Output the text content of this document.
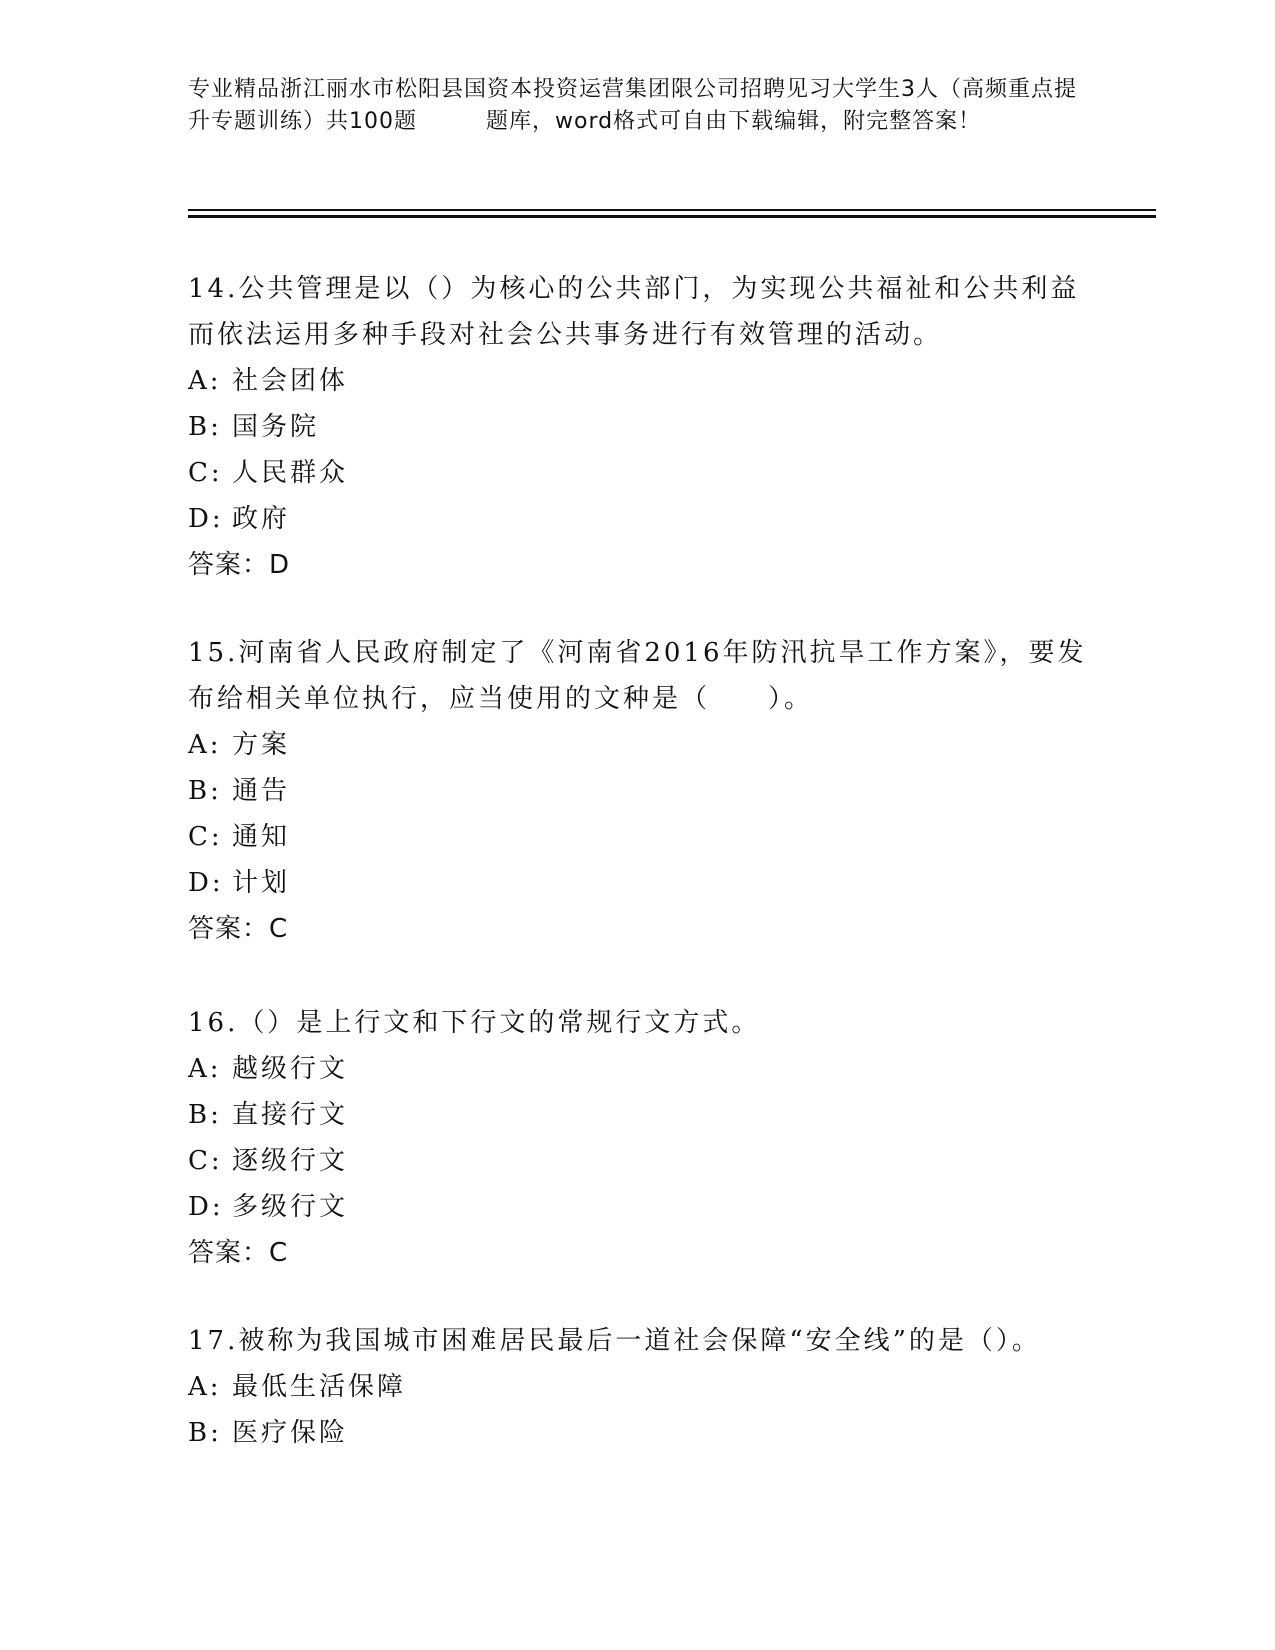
专业精品浙江丽水市松阳县国资本投资运营集团限公司招聘见习大学生3人（高频重点提升专题训练）共100题　　　题库，word格式可自由下载编辑，附完整答案！

14.公共管理是以（）为核心的公共部门，为实现公共福祉和公共利益而依法运用多种手段对社会公共事务进行有效管理的活动。

A: 社会团体
B: 国务院
C: 人民群众
D: 政府
答案：D

15.河南省人民政府制定了《河南省2016年防汛抗旱工作方案》，要发布给相关单位执行，应当使用的文种是（　　）。

A: 方案
B: 通告
C: 通知
D: 计划
答案：C

16.（）是上行文和下行文的常规行文方式。

A: 越级行文
B: 直接行文
C: 逐级行文
D: 多级行文
答案：C

17.被称为我国城市困难居民最后一道社会保障“安全线”的是（）。

A: 最低生活保障
B: 医疗保险
